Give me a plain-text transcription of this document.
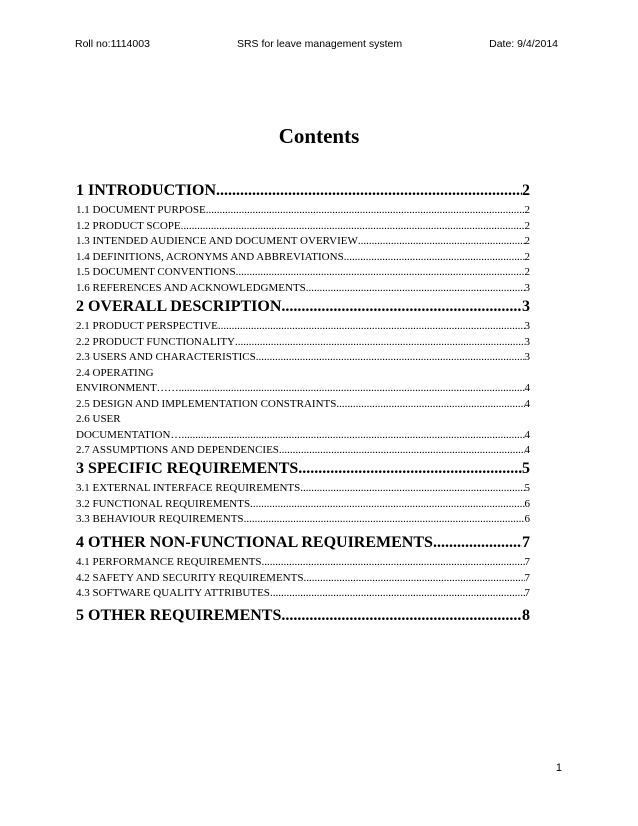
Roll no:1114003	SRS for leave management system	Date: 9/4/2014
Contents
1 INTRODUCTION .....	2
1.1 DOCUMENT PURPOSE .....	2
1.2 PRODUCT SCOPE .....	2
1.3 INTENDED AUDIENCE AND DOCUMENT OVERVIEW .....	2
1.4 DEFINITIONS, ACRONYMS AND ABBREVIATIONS .....	2
1.5 DOCUMENT CONVENTIONS .....	2
1.6 REFERENCES AND ACKNOWLEDGMENTS .....	3
2 OVERALL DESCRIPTION .....	3
2.1 PRODUCT PERSPECTIVE .....	3
2.2 PRODUCT FUNCTIONALITY .....	3
2.3 USERS AND CHARACTERISTICS .....	3
2.4 OPERATING
ENVIRONMENT…… .....	4
2.5 DESIGN AND IMPLEMENTATION CONSTRAINTS .....	4
2.6 USER
DOCUMENTATION… .....	4
2.7 ASSUMPTIONS AND DEPENDENCIES .....	4
3 SPECIFIC REQUIREMENTS .....	5
3.1 EXTERNAL INTERFACE REQUIREMENTS .....	5
3.2 FUNCTIONAL REQUIREMENTS .....	6
3.3 BEHAVIOUR REQUIREMENTS .....	6
4 OTHER NON-FUNCTIONAL REQUIREMENTS .....	7
4.1 PERFORMANCE REQUIREMENTS .....	7
4.2 SAFETY AND SECURITY REQUIREMENTS .....	7
4.3 SOFTWARE QUALITY ATTRIBUTES .....	7
5 OTHER REQUIREMENTS .....	8
1
